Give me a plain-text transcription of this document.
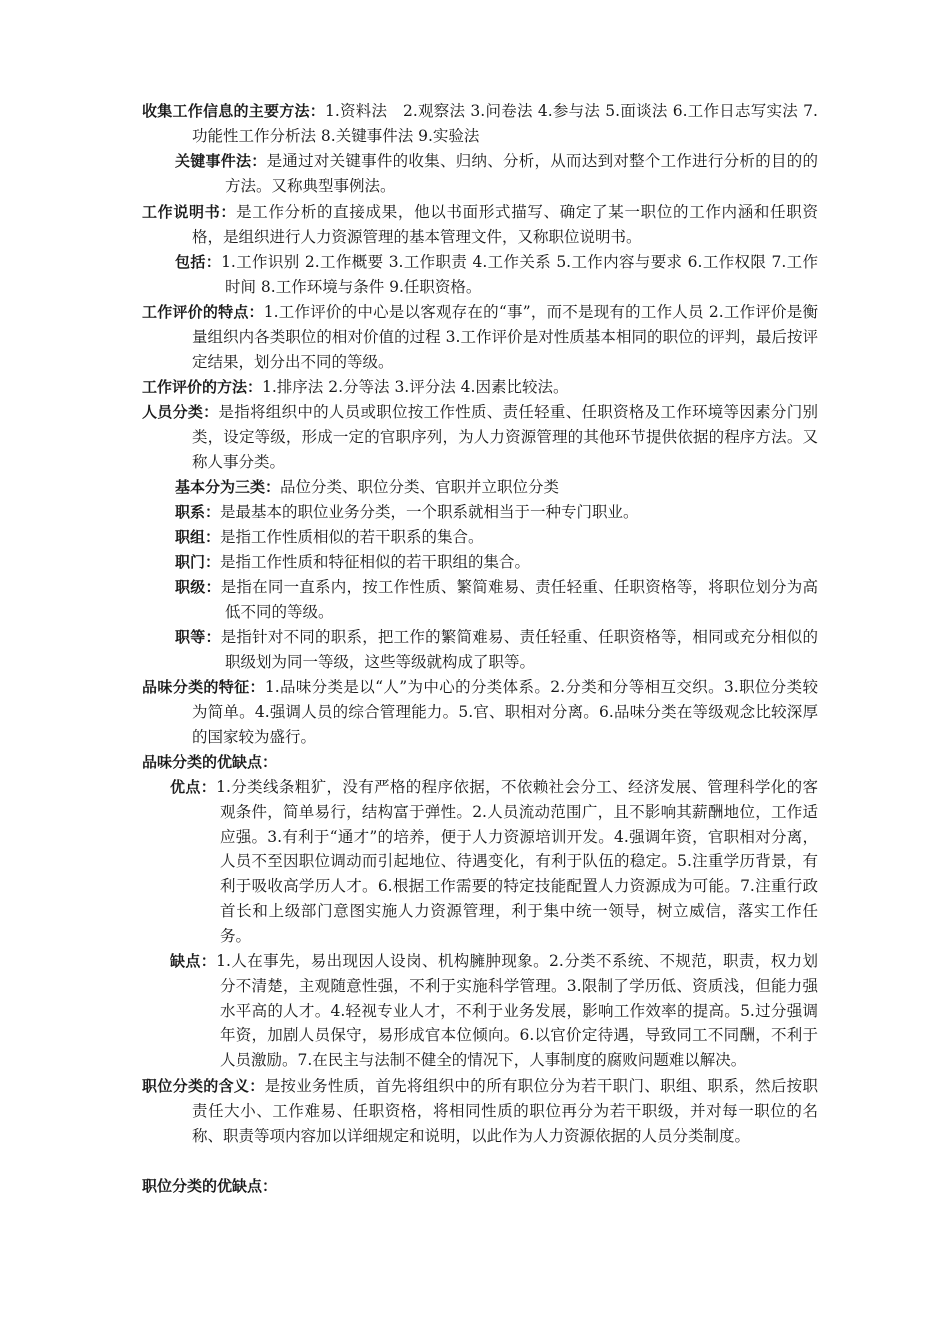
收集工作信息的主要方法：1.资料法　2.观察法 3.问卷法 4.参与法 5.面谈法 6.工作日志写实法 7.功能性工作分析法 8.关键事件法 9.实验法

关键事件法：是通过对关键事件的收集、归纳、分析，从而达到对整个工作进行分析的目的的方法。又称典型事例法。

工作说明书：是工作分析的直接成果，他以书面形式描写、确定了某一职位的工作内涵和任职资格，是组织进行人力资源管理的基本管理文件，又称职位说明书。

包括：1.工作识别 2.工作概要 3.工作职责 4.工作关系 5.工作内容与要求 6.工作权限 7.工作时间 8.工作环境与条件 9.任职资格。

工作评价的特点：1.工作评价的中心是以客观存在的“事”，而不是现有的工作人员 2.工作评价是衡量组织内各类职位的相对价值的过程 3.工作评价是对性质基本相同的职位的评判，最后按评定结果，划分出不同的等级。

工作评价的方法：1.排序法 2.分等法 3.评分法 4.因素比较法。

人员分类：是指将组织中的人员或职位按工作性质、责任轻重、任职资格及工作环境等因素分门别类，设定等级，形成一定的官职序列，为人力资源管理的其他环节提供依据的程序方法。又称人事分类。

基本分为三类：品位分类、职位分类、官职并立职位分类

职系：是最基本的职位业务分类，一个职系就相当于一种专门职业。

职组：是指工作性质相似的若干职系的集合。

职门：是指工作性质和特征相似的若干职组的集合。

职级：是指在同一直系内，按工作性质、繁简难易、责任轻重、任职资格等，将职位划分为高低不同的等级。

职等：是指针对不同的职系，把工作的繁简难易、责任轻重、任职资格等，相同或充分相似的职级划为同一等级，这些等级就构成了职等。

品味分类的特征：1.品味分类是以“人”为中心的分类体系。2.分类和分等相互交织。3.职位分类较为简单。4.强调人员的综合管理能力。5.官、职相对分离。6.品味分类在等级观念比较深厚的国家较为盛行。

品味分类的优缺点：

优点：1.分类线条粗犷，没有严格的程序依据，不依赖社会分工、经济发展、管理科学化的客观条件，简单易行，结构富于弹性。2.人员流动范围广，且不影响其薪酬地位，工作适应强。3.有利于“通才”的培养，便于人力资源培训开发。4.强调年资，官职相对分离，人员不至因职位调动而引起地位、待遇变化，有利于队伍的稳定。5.注重学历背景，有利于吸收高学历人才。6.根据工作需要的特定技能配置人力资源成为可能。7.注重行政首长和上级部门意图实施人力资源管理，利于集中统一领导，树立威信，落实工作任务。

缺点：1.人在事先，易出现因人设岗、机构臃肿现象。2.分类不系统、不规范，职责，权力划分不清楚，主观随意性强，不利于实施科学管理。3.限制了学历低、资质浅，但能力强水平高的人才。4.轻视专业人才，不利于业务发展，影响工作效率的提高。5.过分强调年资，加剧人员保守，易形成官本位倾向。6.以官价定待遇，导致同工不同酬，不利于人员激励。7.在民主与法制不健全的情况下，人事制度的腐败问题难以解决。

职位分类的含义：是按业务性质，首先将组织中的所有职位分为若干职门、职组、职系，然后按职责任大小、工作难易、任职资格，将相同性质的职位再分为若干职级，并对每一职位的名称、职责等项内容加以详细规定和说明，以此作为人力资源依据的人员分类制度。

职位分类的优缺点：
